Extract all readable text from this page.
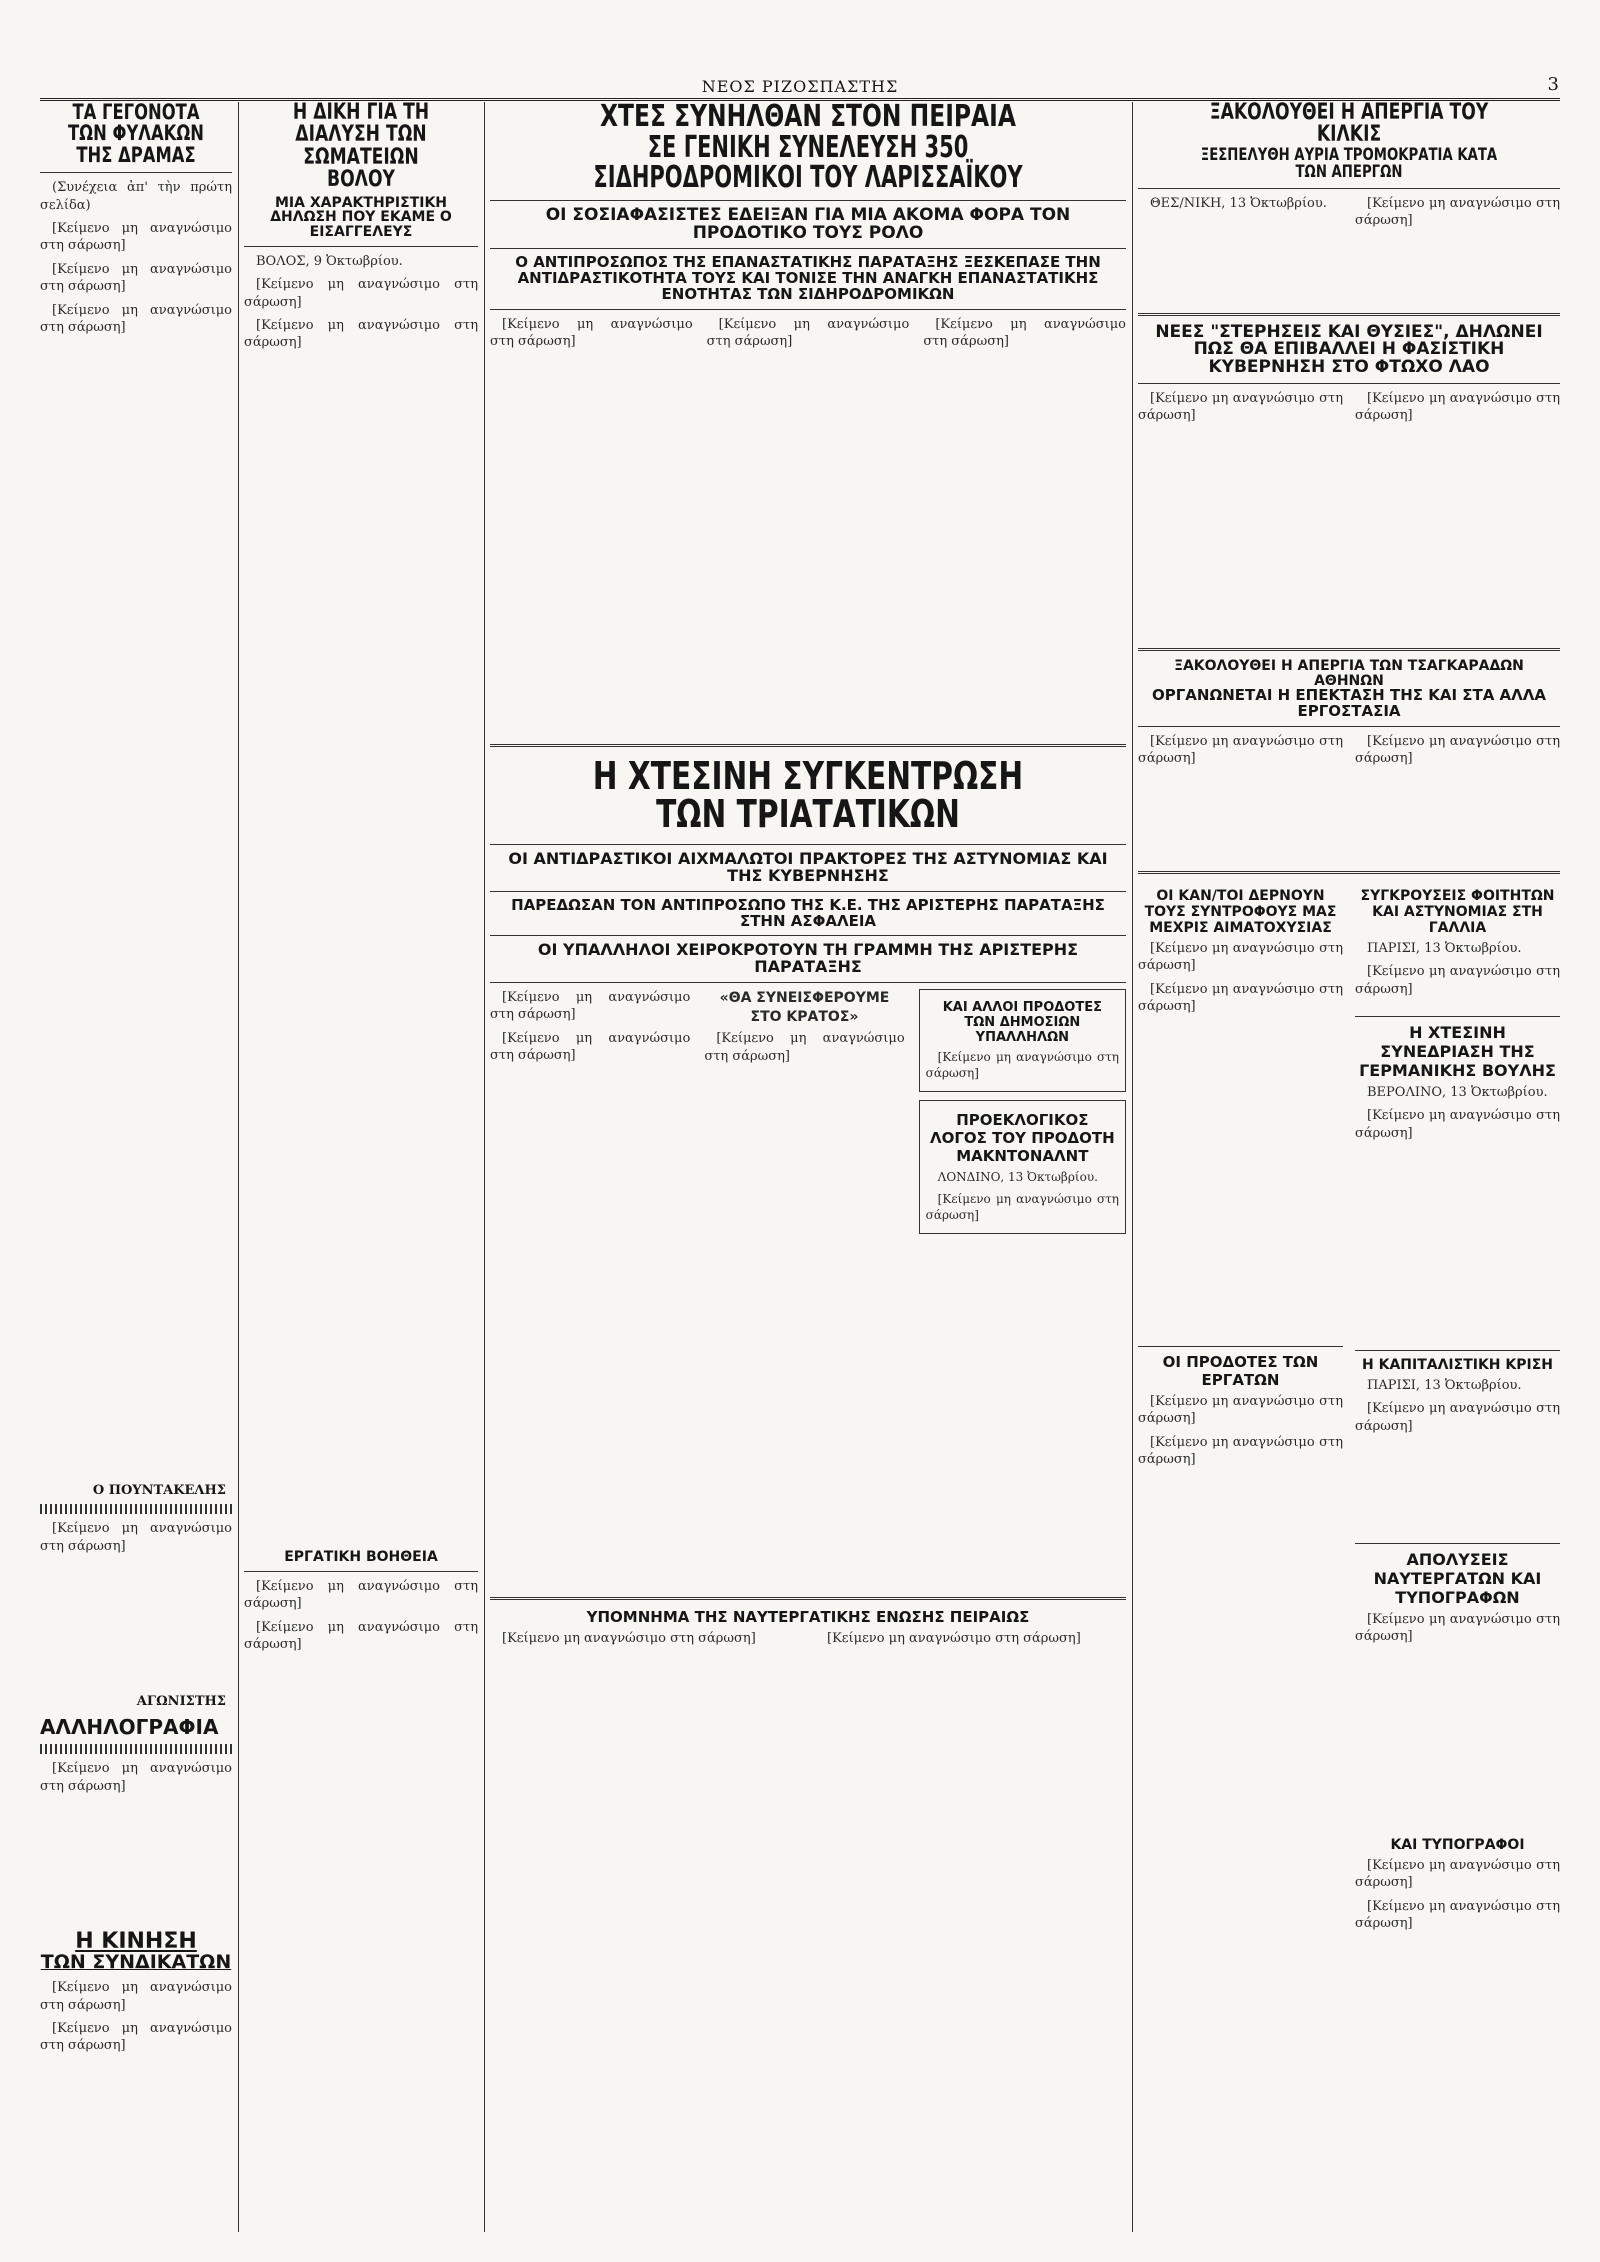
ΝΕΟΣ ΡΙΖΟΣΠΑΣΤΗΣ	3
ΤΑ ΓΕΓΟΝΟΤΑ ΤΩΝ ΦΥΛΑΚΩΝ ΤΗΣ ΔΡΑΜΑΣ

(Συνέχεια ἀπ' τὴν πρώτη σελίδα)

[Κείμενο μη αναγνώσιμο στη σάρωση]

[Κείμενο μη αναγνώσιμο στη σάρωση]

[Κείμενο μη αναγνώσιμο στη σάρωση]

Ο ΠΟΥΝΤΑΚΕΛΗΣ

[Κείμενο μη αναγνώσιμο στη σάρωση]

ΑΓΩΝΙΣΤΗΣ
ΑΛΛΗΛΟΓΡΑΦΙΑ

[Κείμενο μη αναγνώσιμο στη σάρωση]

Η ΚΙΝΗΣΗ
ΤΩΝ ΣΥΝΔΙΚΑΤΩΝ

[Κείμενο μη αναγνώσιμο στη σάρωση]

[Κείμενο μη αναγνώσιμο στη σάρωση]

Η ΔΙΚΗ ΓΙΑ ΤΗ ΔΙΑΛΥΣΗ ΤΩΝ ΣΩΜΑΤΕΙΩΝ ΒΟΛΟΥ
ΜΙΑ ΧΑΡΑΚΤΗΡΙΣΤΙΚΗ ΔΗΛΩΣΗ ΠΟΥ ΕΚΑΜΕ Ο ΕΙΣΑΓΓΕΛΕΥΣ

ΒΟΛΟΣ, 9 Ὀκτωβρίου.

[Κείμενο μη αναγνώσιμο στη σάρωση]

[Κείμενο μη αναγνώσιμο στη σάρωση]

ΕΡΓΑΤΙΚΗ ΒΟΗΘΕΙΑ

[Κείμενο μη αναγνώσιμο στη σάρωση]

[Κείμενο μη αναγνώσιμο στη σάρωση]

ΧΤΕΣ ΣΥΝΗΛΘΑΝ ΣΤΟΝ ΠΕΙΡΑΙΑ
ΣΕ ΓΕΝΙΚΗ ΣΥΝΕΛΕΥΣΗ 350 ΣΙΔΗΡΟΔΡΟΜΙΚΟΙ ΤΟΥ ΛΑΡΙΣΣΑΪΚΟΥ
ΟΙ ΣΟΣΙΑΦΑΣΙΣΤΕΣ ΕΔΕΙΞΑΝ ΓΙΑ ΜΙΑ ΑΚΟΜΑ ΦΟΡΑ ΤΟΝ ΠΡΟΔΟΤΙΚΟ ΤΟΥΣ ΡΟΛΟ
Ο ΑΝΤΙΠΡΟΣΩΠΟΣ ΤΗΣ ΕΠΑΝΑΣΤΑΤΙΚΗΣ ΠΑΡΑΤΑΞΗΣ ΞΕΣΚΕΠΑΣΕ ΤΗΝ ΑΝΤΙΔΡΑΣΤΙΚΟΤΗΤΑ ΤΟΥΣ ΚΑΙ ΤΟΝΙΣΕ ΤΗΝ ΑΝΑΓΚΗ ΕΠΑΝΑΣΤΑΤΙΚΗΣ ΕΝΟΤΗΤΑΣ ΤΩΝ ΣΙΔΗΡΟΔΡΟΜΙΚΩΝ

[Κείμενο μη αναγνώσιμο στη σάρωση]

[Κείμενο μη αναγνώσιμο στη σάρωση]

[Κείμενο μη αναγνώσιμο στη σάρωση]

Η ΧΤΕΣΙΝΗ ΣΥΓΚΕΝΤΡΩΣΗ ΤΩΝ ΤΡΙΑΤΑΤΙΚΩΝ
ΟΙ ΑΝΤΙΔΡΑΣΤΙΚΟΙ ΑΙΧΜΑΛΩΤΟΙ ΠΡΑΚΤΟΡΕΣ ΤΗΣ ΑΣΤΥΝΟΜΙΑΣ ΚΑΙ ΤΗΣ ΚΥΒΕΡΝΗΣΗΣ
ΠΑΡΕΔΩΣΑΝ ΤΟΝ ΑΝΤΙΠΡΟΣΩΠΟ ΤΗΣ Κ.Ε. ΤΗΣ ΑΡΙΣΤΕΡΗΣ ΠΑΡΑΤΑΞΗΣ ΣΤΗΝ ΑΣΦΑΛΕΙΑ
ΟΙ ΥΠΑΛΛΗΛΟΙ ΧΕΙΡΟΚΡΟΤΟΥΝ ΤΗ ΓΡΑΜΜΗ ΤΗΣ ΑΡΙΣΤΕΡΗΣ ΠΑΡΑΤΑΞΗΣ

[Κείμενο μη αναγνώσιμο στη σάρωση]

[Κείμενο μη αναγνώσιμο στη σάρωση]

«ΘΑ ΣΥΝΕΙΣΦΕΡΟΥΜΕ ΣΤΟ ΚΡΑΤΟΣ»

[Κείμενο μη αναγνώσιμο στη σάρωση]

ΚΑΙ ΑΛΛΟΙ ΠΡΟΔΟΤΕΣ ΤΩΝ ΔΗΜΟΣΙΩΝ ΥΠΑΛΛΗΛΩΝ

[Κείμενο μη αναγνώσιμο στη σάρωση]

ΠΡΟΕΚΛΟΓΙΚΟΣ ΛΟΓΟΣ ΤΟΥ ΠΡΟΔΟΤΗ ΜΑΚΝΤΟΝΑΛΝΤ

ΛΟΝΔΙΝΟ, 13 Ὀκτωβρίου.

[Κείμενο μη αναγνώσιμο στη σάρωση]

ΥΠΟΜΝΗΜΑ ΤΗΣ ΝΑΥΤΕΡΓΑΤΙΚΗΣ ΕΝΩΣΗΣ ΠΕΙΡΑΙΩΣ

[Κείμενο μη αναγνώσιμο στη σάρωση]	[Κείμενο μη αναγνώσιμο στη σάρωση]

ΞΑΚΟΛΟΥΘΕΙ Η ΑΠΕΡΓΙΑ ΤΟΥ ΚΙΛΚΙΣ
ΞΕΣΠΕΛΥΘΗ ΑΥΡΙΑ ΤΡΟΜΟΚΡΑΤΙΑ ΚΑΤΑ ΤΩΝ ΑΠΕΡΓΩΝ

ΘΕΣ/ΝΙΚΗ, 13 Ὀκτωβρίου.	[Κείμενο μη αναγνώσιμο στη σάρωση]

ΝΕΕΣ "ΣΤΕΡΗΣΕΙΣ ΚΑΙ ΘΥΣΙΕΣ", ΔΗΛΩΝΕΙ ΠΩΣ ΘΑ ΕΠΙΒΑΛΛΕΙ Η ΦΑΣΙΣΤΙΚΗ ΚΥΒΕΡΝΗΣΗ ΣΤΟ ΦΤΩΧΟ ΛΑΟ

[Κείμενο μη αναγνώσιμο στη σάρωση]

[Κείμενο μη αναγνώσιμο στη σάρωση]

ΞΑΚΟΛΟΥΘΕΙ Η ΑΠΕΡΓΙΑ ΤΩΝ ΤΣΑΓΚΑΡΑΔΩΝ ΑΘΗΝΩΝ
ΟΡΓΑΝΩΝΕΤΑΙ Η ΕΠΕΚΤΑΣΗ ΤΗΣ ΚΑΙ ΣΤΑ ΑΛΛΑ ΕΡΓΟΣΤΑΣΙΑ

[Κείμενο μη αναγνώσιμο στη σάρωση]

[Κείμενο μη αναγνώσιμο στη σάρωση]

ΟΙ ΚΑΝ/ΤΟΙ ΔΕΡΝΟΥΝ ΤΟΥΣ ΣΥΝΤΡΟΦΟΥΣ ΜΑΣ ΜΕΧΡΙΣ ΑΙΜΑΤΟΧΥΣΙΑΣ

[Κείμενο μη αναγνώσιμο στη σάρωση]

[Κείμενο μη αναγνώσιμο στη σάρωση]

ΟΙ ΠΡΟΔΟΤΕΣ ΤΩΝ ΕΡΓΑΤΩΝ

[Κείμενο μη αναγνώσιμο στη σάρωση]

[Κείμενο μη αναγνώσιμο στη σάρωση]

ΣΥΓΚΡΟΥΣΕΙΣ ΦΟΙΤΗΤΩΝ ΚΑΙ ΑΣΤΥΝΟΜΙΑΣ ΣΤΗ ΓΑΛΛΙΑ

ΠΑΡΙΣΙ, 13 Ὀκτωβρίου.

[Κείμενο μη αναγνώσιμο στη σάρωση]

Η ΧΤΕΣΙΝΗ ΣΥΝΕΔΡΙΑΣΗ ΤΗΣ ΓΕΡΜΑΝΙΚΗΣ ΒΟΥΛΗΣ

ΒΕΡΟΛΙΝΟ, 13 Ὀκτωβρίου.

[Κείμενο μη αναγνώσιμο στη σάρωση]

Η ΚΑΠΙΤΑΛΙΣΤΙΚΗ ΚΡΙΣΗ

ΠΑΡΙΣΙ, 13 Ὀκτωβρίου.

[Κείμενο μη αναγνώσιμο στη σάρωση]

ΑΠΟΛΥΣΕΙΣ ΝΑΥΤΕΡΓΑΤΩΝ ΚΑΙ ΤΥΠΟΓΡΑΦΩΝ

[Κείμενο μη αναγνώσιμο στη σάρωση]

ΚΑΙ ΤΥΠΟΓΡΑΦΟΙ

[Κείμενο μη αναγνώσιμο στη σάρωση]

[Κείμενο μη αναγνώσιμο στη σάρωση]
